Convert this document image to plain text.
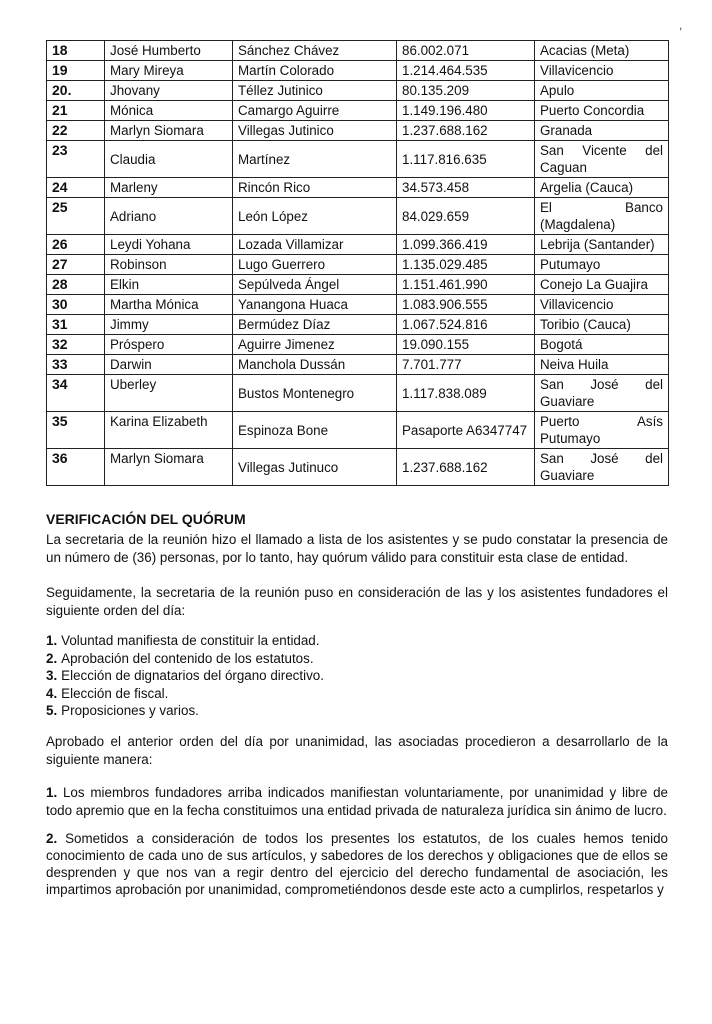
18	José Humberto	Sánchez Chávez	86.002.071	Acacias (Meta)
19	Mary Mireya	Martín Colorado	1.214.464.535	Villavicencio
20.	Jhovany	Téllez Jutinico	80.135.209	Apulo
21	Mónica	Camargo Aguirre	1.149.196.480	Puerto Concordia
22	Marlyn Siomara	Villegas Jutinico	1.237.688.162	Granada
23	Claudia	Martínez	1.117.816.635	San Vicente del Caguan
24	Marleny	Rincón Rico	34.573.458	Argelia (Cauca)
25	Adriano	León López	84.029.659	El Banco (Magdalena)
26	Leydi Yohana	Lozada Villamizar	1.099.366.419	Lebrija (Santander)
27	Robinson	Lugo Guerrero	1.135.029.485	Putumayo
28	Elkin	Sepúlveda Ángel	1.151.461.990	Conejo La Guajira
30	Martha Mónica	Yanangona Huaca	1.083.906.555	Villavicencio
31	Jimmy	Bermúdez Díaz	1.067.524.816	Toribio (Cauca)
32	Próspero	Aguirre Jimenez	19.090.155	Bogotá
33	Darwin	Manchola Dussán	7.701.777	Neiva Huila
34	Uberley	Bustos Montenegro	1.117.838.089	San José del Guaviare
35	Karina Elizabeth	Espinoza Bone	Pasaporte A6347747	Puerto Asís Putumayo
36	Marlyn Siomara	Villegas Jutinuco	1.237.688.162	San José del Guaviare
VERIFICACIÓN DEL QUÓRUM
La secretaria de la reunión hizo el llamado a lista de los asistentes y se pudo constatar la presencia de un número de (36) personas, por lo tanto, hay quórum válido para constituir esta clase de entidad.
Seguidamente, la secretaria de la reunión puso en consideración de las y los asistentes fundadores el siguiente orden del día:
1. Voluntad manifiesta de constituir la entidad.
2. Aprobación del contenido de los estatutos.
3. Elección de dignatarios del órgano directivo.
4. Elección de fiscal.
5. Proposiciones y varios.
Aprobado el anterior orden del día por unanimidad, las asociadas procedieron a desarrollarlo de la siguiente manera:
1. Los miembros fundadores arriba indicados manifiestan voluntariamente, por unanimidad y libre de todo apremio que en la fecha constituimos una entidad privada de naturaleza jurídica sin ánimo de lucro.
2. Sometidos a consideración de todos los presentes los estatutos, de los cuales hemos tenido conocimiento de cada uno de sus artículos, y sabedores de los derechos y obligaciones que de ellos se desprenden y que nos van a regir dentro del ejercicio del derecho fundamental de asociación, les impartimos aprobación por unanimidad, comprometiéndonos desde este acto a cumplirlos, respetarlos y
,
